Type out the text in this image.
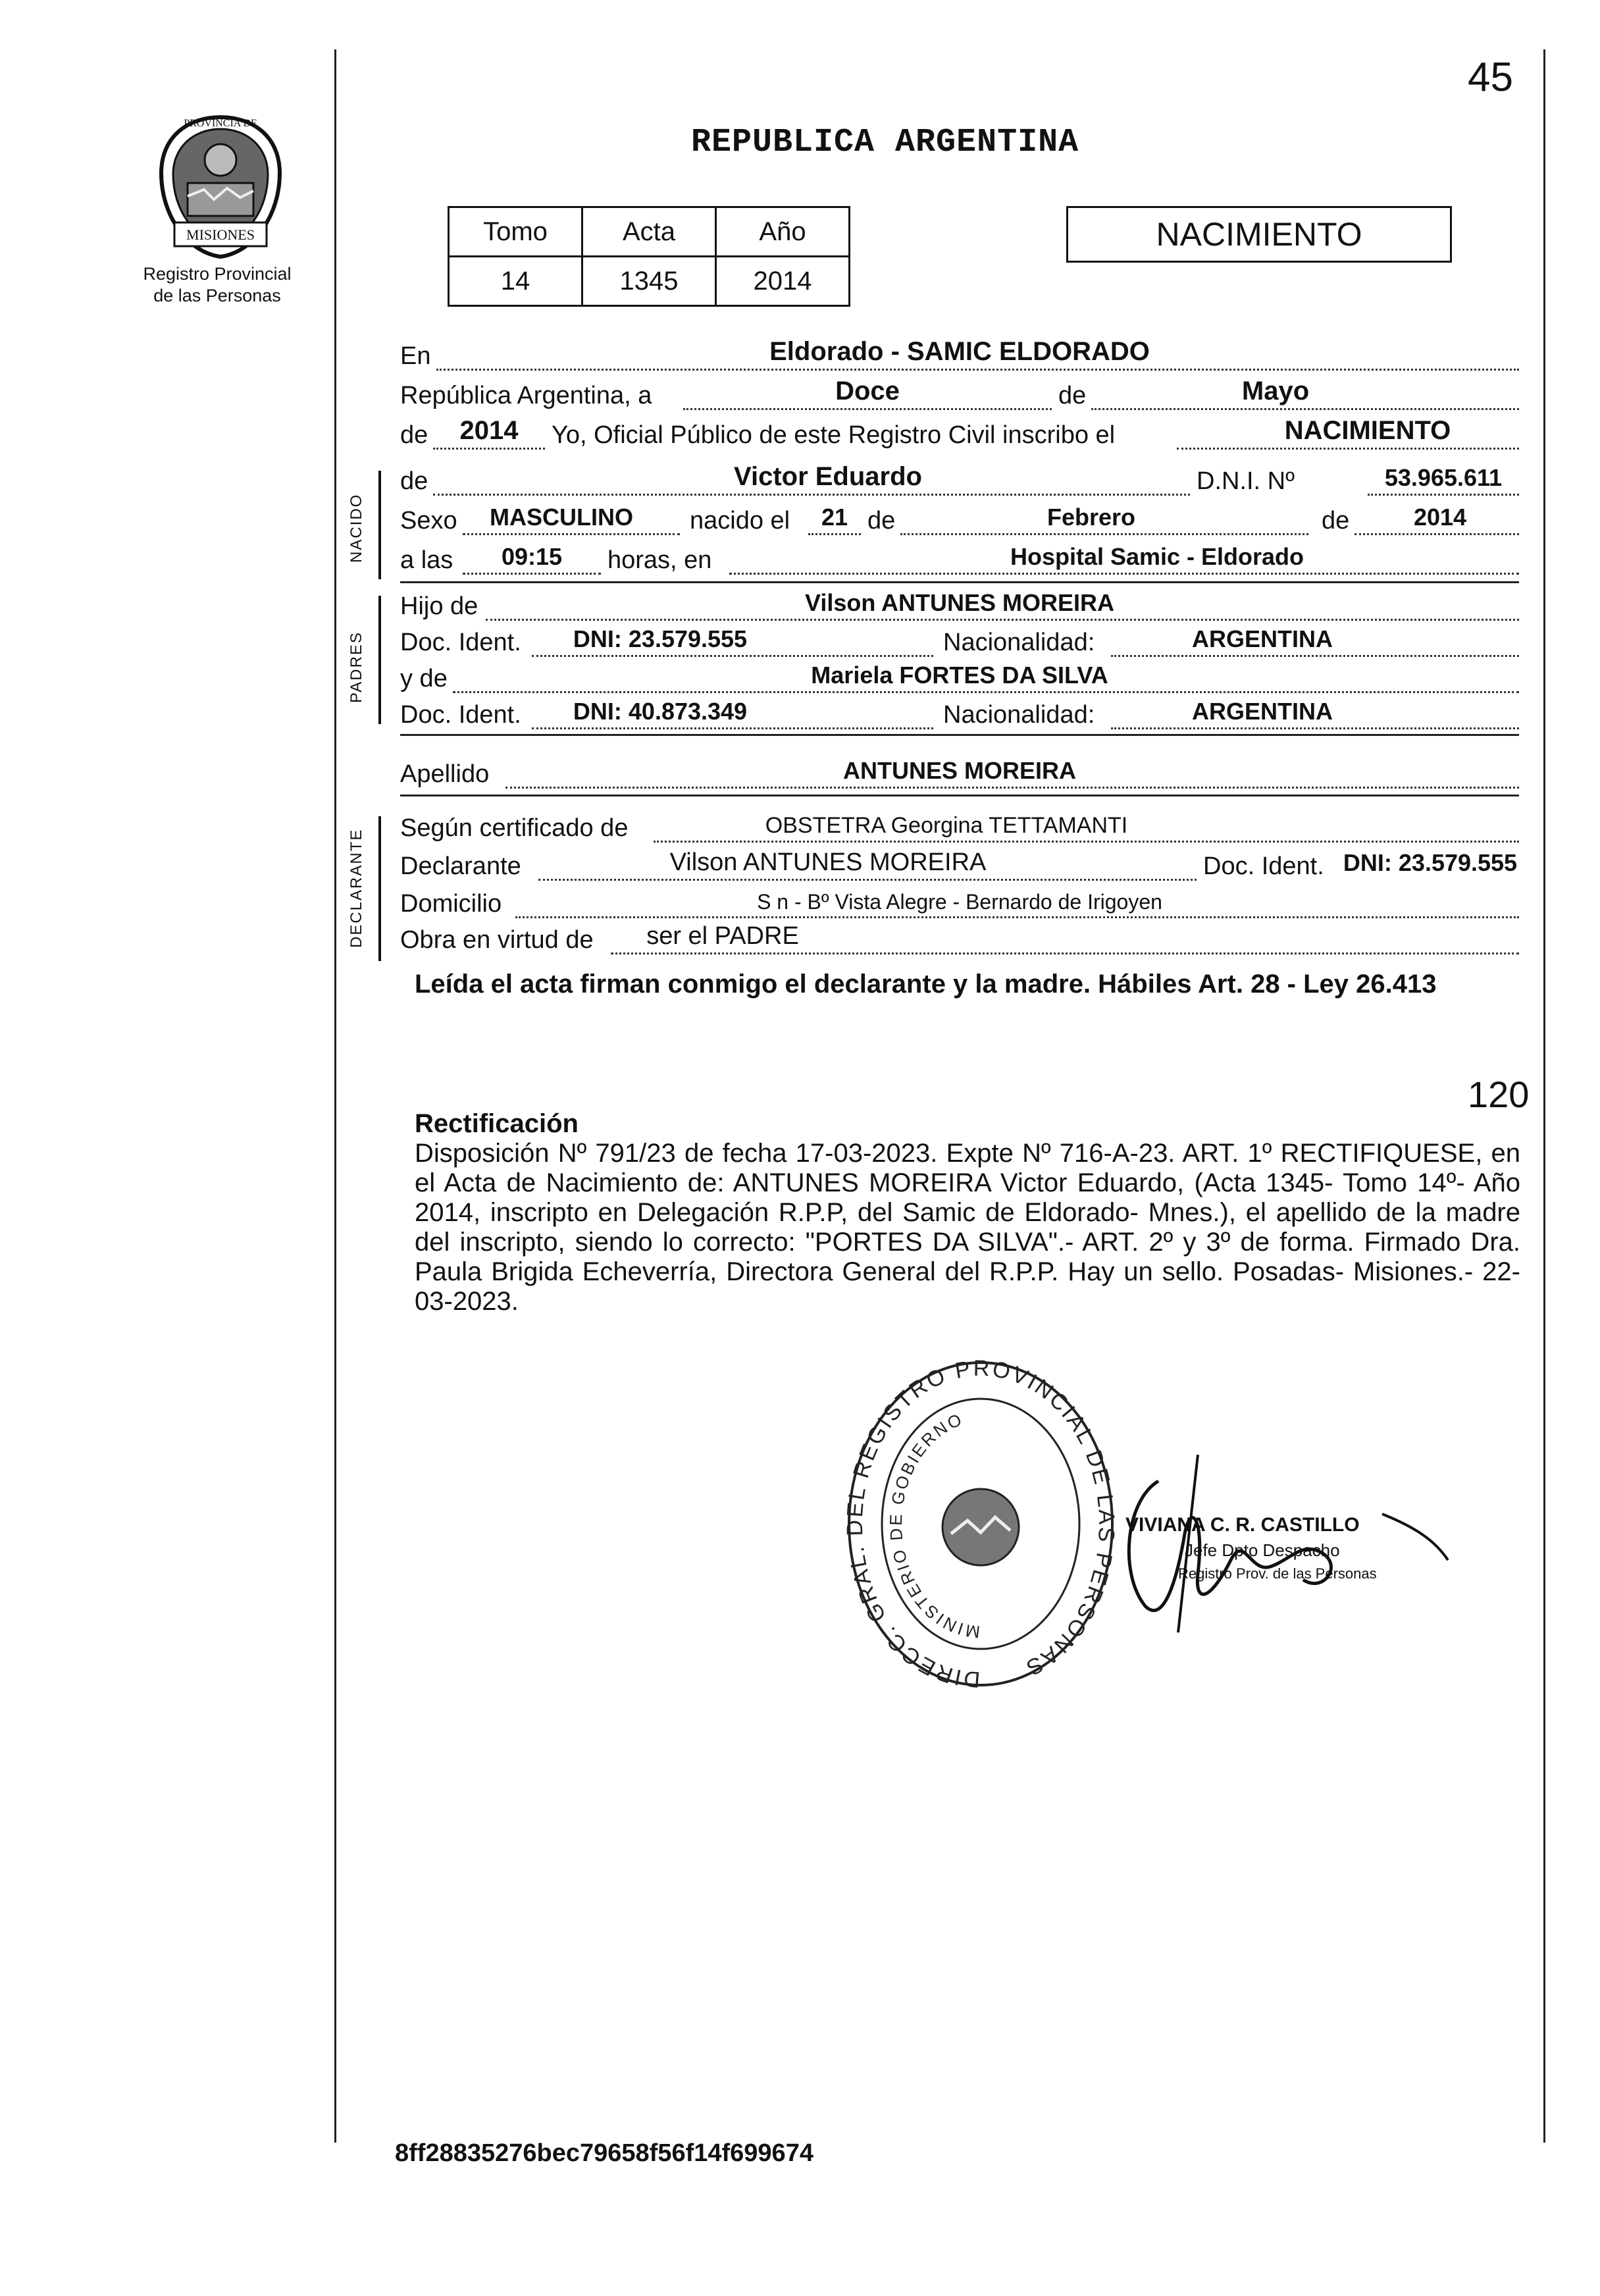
45
MISIONES
PROVINCIA DE
Registro Provincial
de las Personas
REPUBLICA ARGENTINA
Tomo	Acta	Año
14	1345	2014
NACIMIENTO
En	Eldorado - SAMIC ELDORADO
República Argentina, a	Doce	de	Mayo
de	2014	Yo, Oficial Público de este Registro Civil inscribo el	NACIMIENTO
NACIDO
de	Victor Eduardo	D.N.I. Nº	53.965.611
Sexo	MASCULINO	nacido el	21 de	Febrero	de	2014
a las	09:15	horas, en	Hospital Samic - Eldorado
PADRES
Hijo de	Vilson ANTUNES MOREIRA
Doc. Ident.	DNI: 23.579.555	Nacionalidad:	ARGENTINA
y de	Mariela FORTES DA SILVA
Doc. Ident.	DNI: 40.873.349	Nacionalidad:	ARGENTINA
Apellido	ANTUNES MOREIRA
DECLARANTE
Según certificado de	OBSTETRA Georgina TETTAMANTI
Declarante	Vilson ANTUNES MOREIRA	Doc. Ident. DNI: 23.579.555
Domicilio	S n - Bº Vista Alegre - Bernardo de Irigoyen
Obra en virtud de	ser el PADRE
Leída el acta firman conmigo el declarante y la madre. Hábiles Art. 28 - Ley 26.413
120
Rectificación
Disposición Nº 791/23 de fecha 17-03-2023. Expte Nº 716-A-23. ART. 1º RECTIFIQUESE, en el Acta de Nacimiento de: ANTUNES MOREIRA Victor Eduardo, (Acta 1345- Tomo 14º- Año 2014, inscripto en Delegación R.P.P, del Samic de Eldorado- Mnes.), el apellido de la madre del inscripto, siendo lo correcto: "PORTES DA SILVA".- ART. 2º y 3º de forma. Firmado Dra. Paula Brigida Echeverría, Directora General del R.P.P. Hay un sello. Posadas- Misiones.- 22-03-2023.
DIRECC. GRAL. DEL REGISTRO PROVINCIAL DE LAS PERSONAS
MINISTERIO DE GOBIERNO
VIVIANA C. R. CASTILLO
Jefe Dpto Despacho
Registro Prov. de las Personas
8ff28835276bec79658f56f14f699674
